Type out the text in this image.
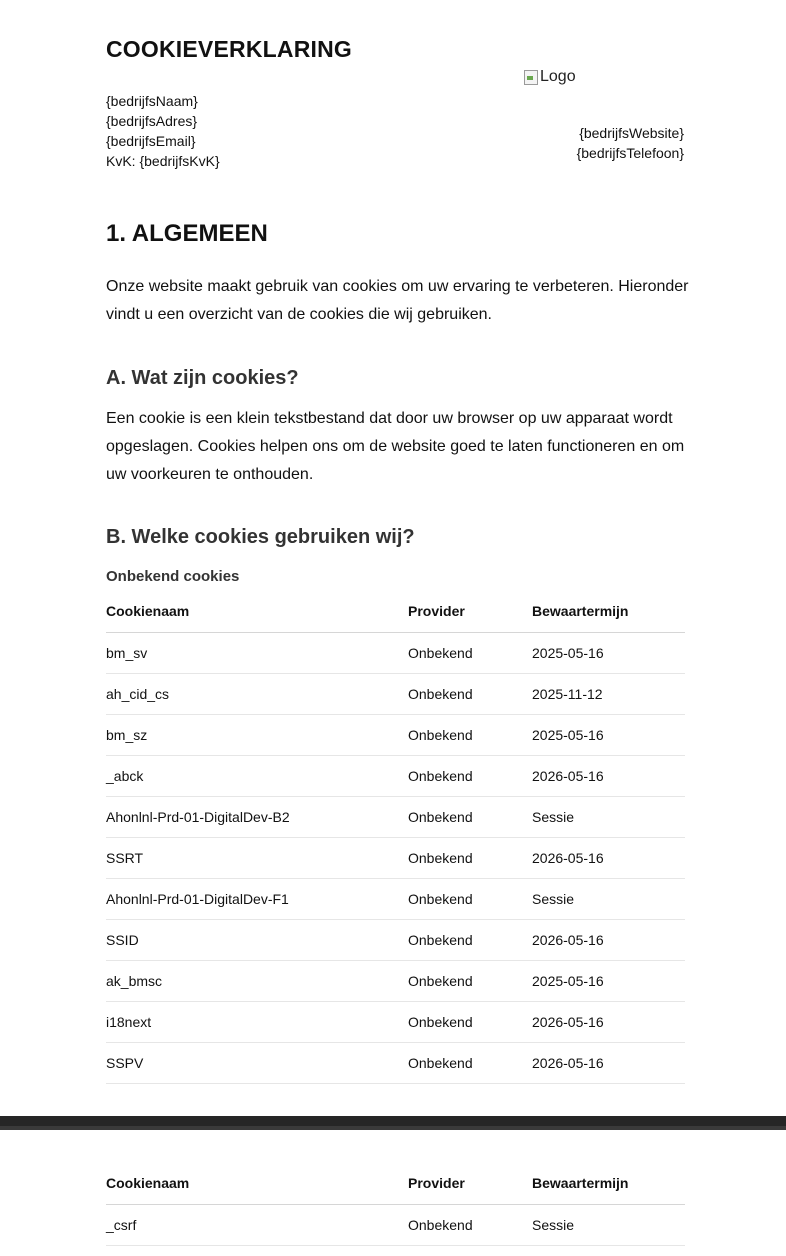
COOKIEVERKLARING
Logo
{bedrijfsNaam}
{bedrijfsAdres}
{bedrijfsEmail}
KvK: {bedrijfsKvK}
{bedrijfsWebsite}
{bedrijfsTelefoon}
1. ALGEMEEN

Onze website maakt gebruik van cookies om uw ervaring te verbeteren. Hieronder vindt u een overzicht van de cookies die wij gebruiken.

A. Wat zijn cookies?

Een cookie is een klein tekstbestand dat door uw browser op uw apparaat wordt opgeslagen. Cookies helpen ons om de website goed te laten functioneren en om uw voorkeuren te onthouden.

B. Welke cookies gebruiken wij?
Onbekend cookies
Cookienaam	Provider	Bewaartermijn
bm_sv	Onbekend	2025-05-16
ah_cid_cs	Onbekend	2025-11-12
bm_sz	Onbekend	2025-05-16
_abck	Onbekend	2026-05-16
Ahonlnl-Prd-01-DigitalDev-B2	Onbekend	Sessie
SSRT	Onbekend	2026-05-16
Ahonlnl-Prd-01-DigitalDev-F1	Onbekend	Sessie
SSID	Onbekend	2026-05-16
ak_bmsc	Onbekend	2025-05-16
i18next	Onbekend	2026-05-16
SSPV	Onbekend	2026-05-16
Cookienaam	Provider	Bewaartermijn
_csrf	Onbekend	Sessie
